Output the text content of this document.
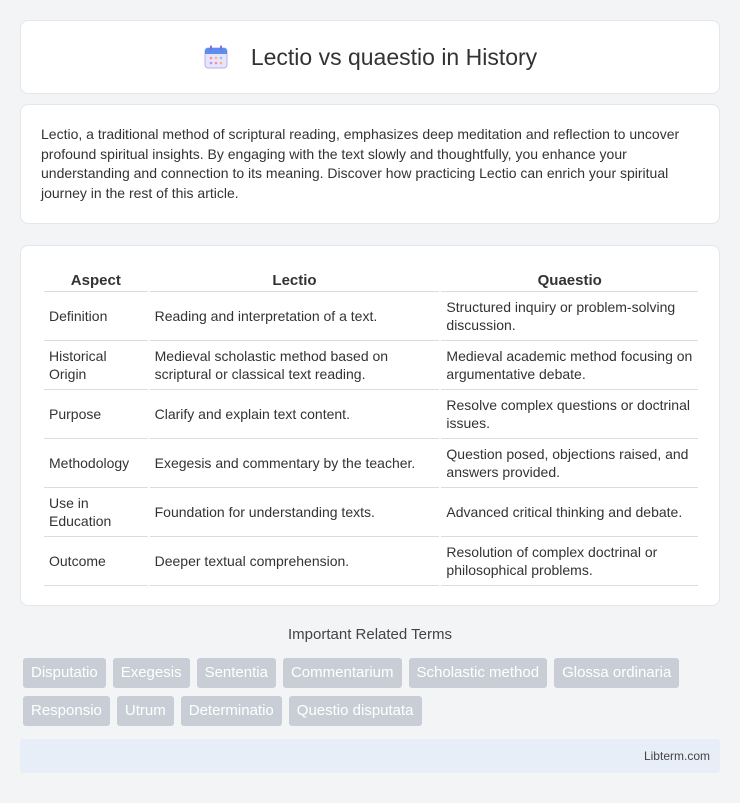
Lectio vs quaestio in History

Lectio, a traditional method of scriptural reading, emphasizes deep meditation and reflection to uncover profound spiritual insights. By engaging with the text slowly and thoughtfully, you enhance your understanding and connection to its meaning. Discover how practicing Lectio can enrich your spiritual journey in the rest of this article.

Aspect	Lectio	Quaestio
Definition	Reading and interpretation of a text.	Structured inquiry or problem-solving discussion.
Historical Origin	Medieval scholastic method based on scriptural or classical text reading.	Medieval academic method focusing on argumentative debate.
Purpose	Clarify and explain text content.	Resolve complex questions or doctrinal issues.
Methodology	Exegesis and commentary by the teacher.	Question posed, objections raised, and answers provided.
Use in Education	Foundation for understanding texts.	Advanced critical thinking and debate.
Outcome	Deeper textual comprehension.	Resolution of complex doctrinal or philosophical problems.
Important Related Terms
Disputatio	Exegesis	Sententia	Commentarium	Scholastic method	Glossa ordinaria
Responsio	Utrum	Determinatio	Questio disputata
Libterm.com
